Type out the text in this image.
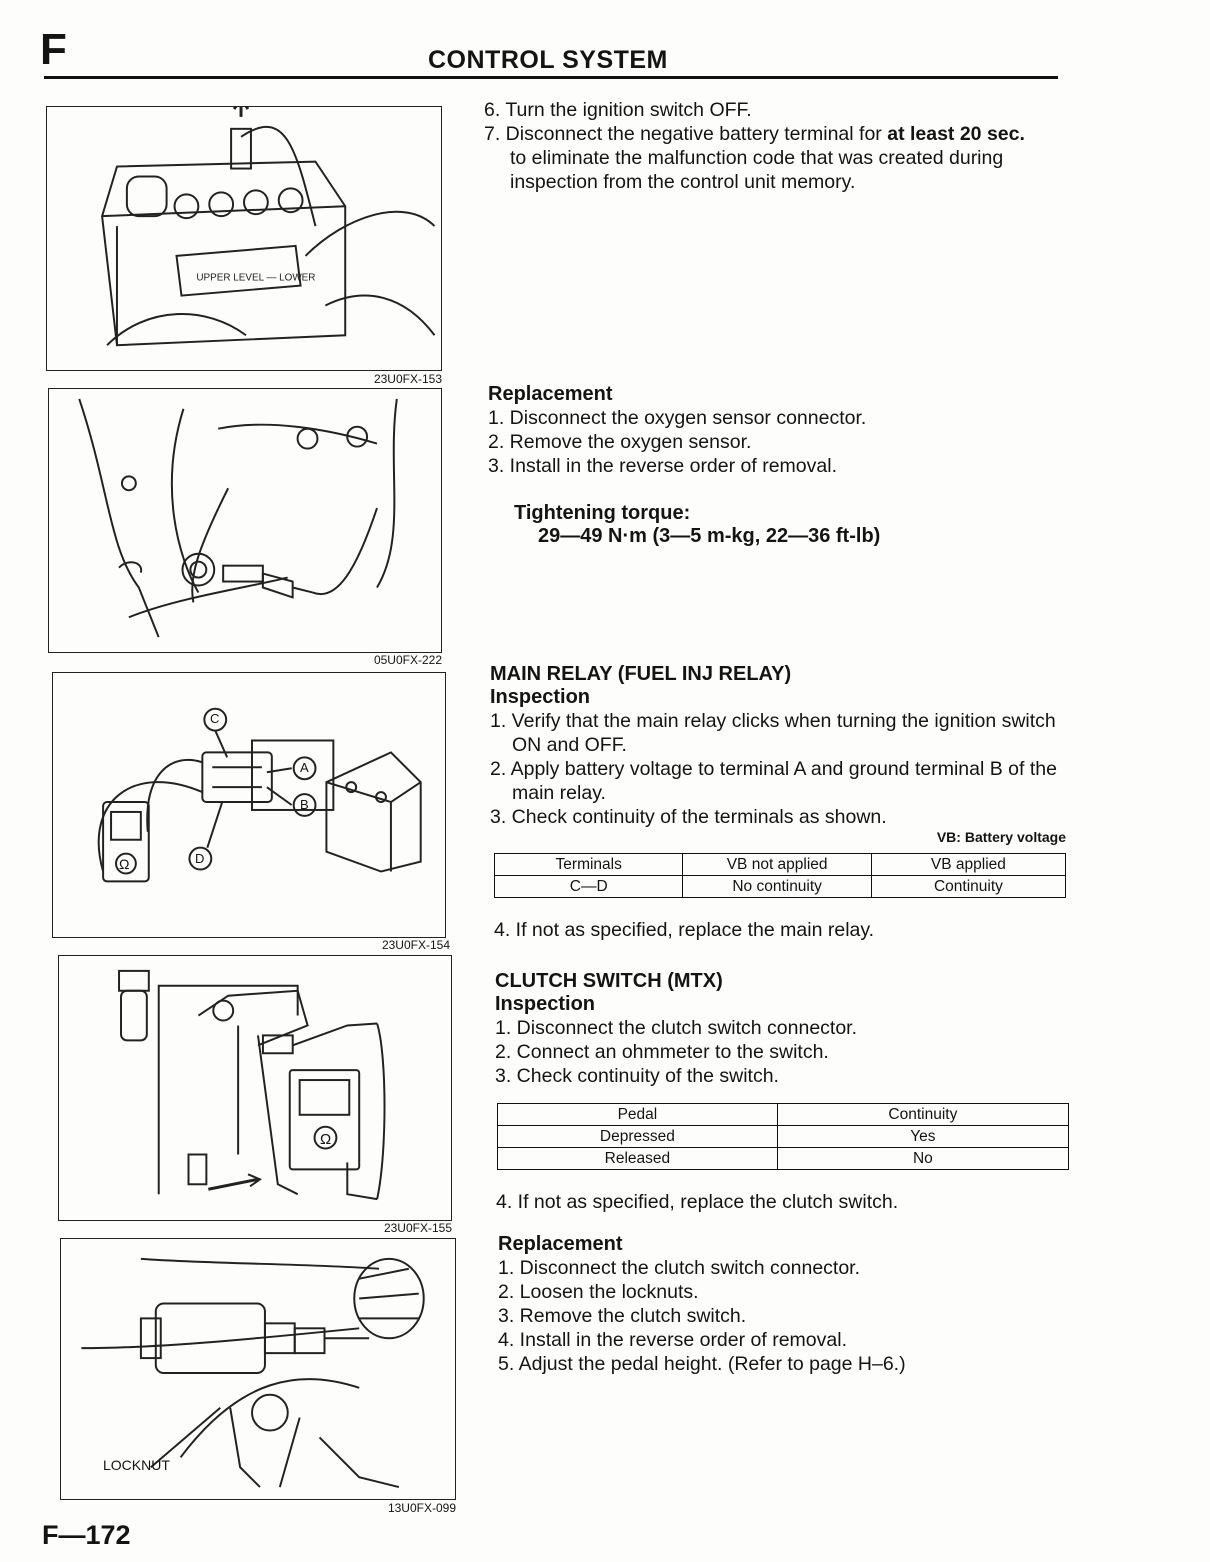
F	CONTROL SYSTEM
UPPER LEVEL — LOWER
23U0FX-153
05U0FX-222
C
A
B
D
Ω
23U0FX-154
Ω
23U0FX-155
LOCKNUT
13U0FX-099

6. Turn the ignition switch OFF.

7. Disconnect the negative battery terminal for at least 20 sec.

to eliminate the malfunction code that was created during inspection from the control unit memory.

Replacement

1. Disconnect the oxygen sensor connector.

2. Remove the oxygen sensor.

3. Install in the reverse order of removal.

Tightening torque:

29—49 N·m (3—5 m-kg, 22—36 ft-lb)

MAIN RELAY (FUEL INJ RELAY)

Inspection

1. Verify that the main relay clicks when turning the ignition switch ON and OFF.

2. Apply battery voltage to terminal A and ground terminal B of the main relay.

3. Check continuity of the terminals as shown.

VB: Battery voltage
Terminals	VB not applied	VB applied
C—D	No continuity	Continuity
4. If not as specified, replace the main relay.

CLUTCH SWITCH (MTX)

Inspection

1. Disconnect the clutch switch connector.

2. Connect an ohmmeter to the switch.

3. Check continuity of the switch.

Pedal	Continuity
Depressed	Yes
Released	No
4. If not as specified, replace the clutch switch.

Replacement

1. Disconnect the clutch switch connector.

2. Loosen the locknuts.

3. Remove the clutch switch.

4. Install in the reverse order of removal.

5. Adjust the pedal height. (Refer to page H–6.)

F—172
